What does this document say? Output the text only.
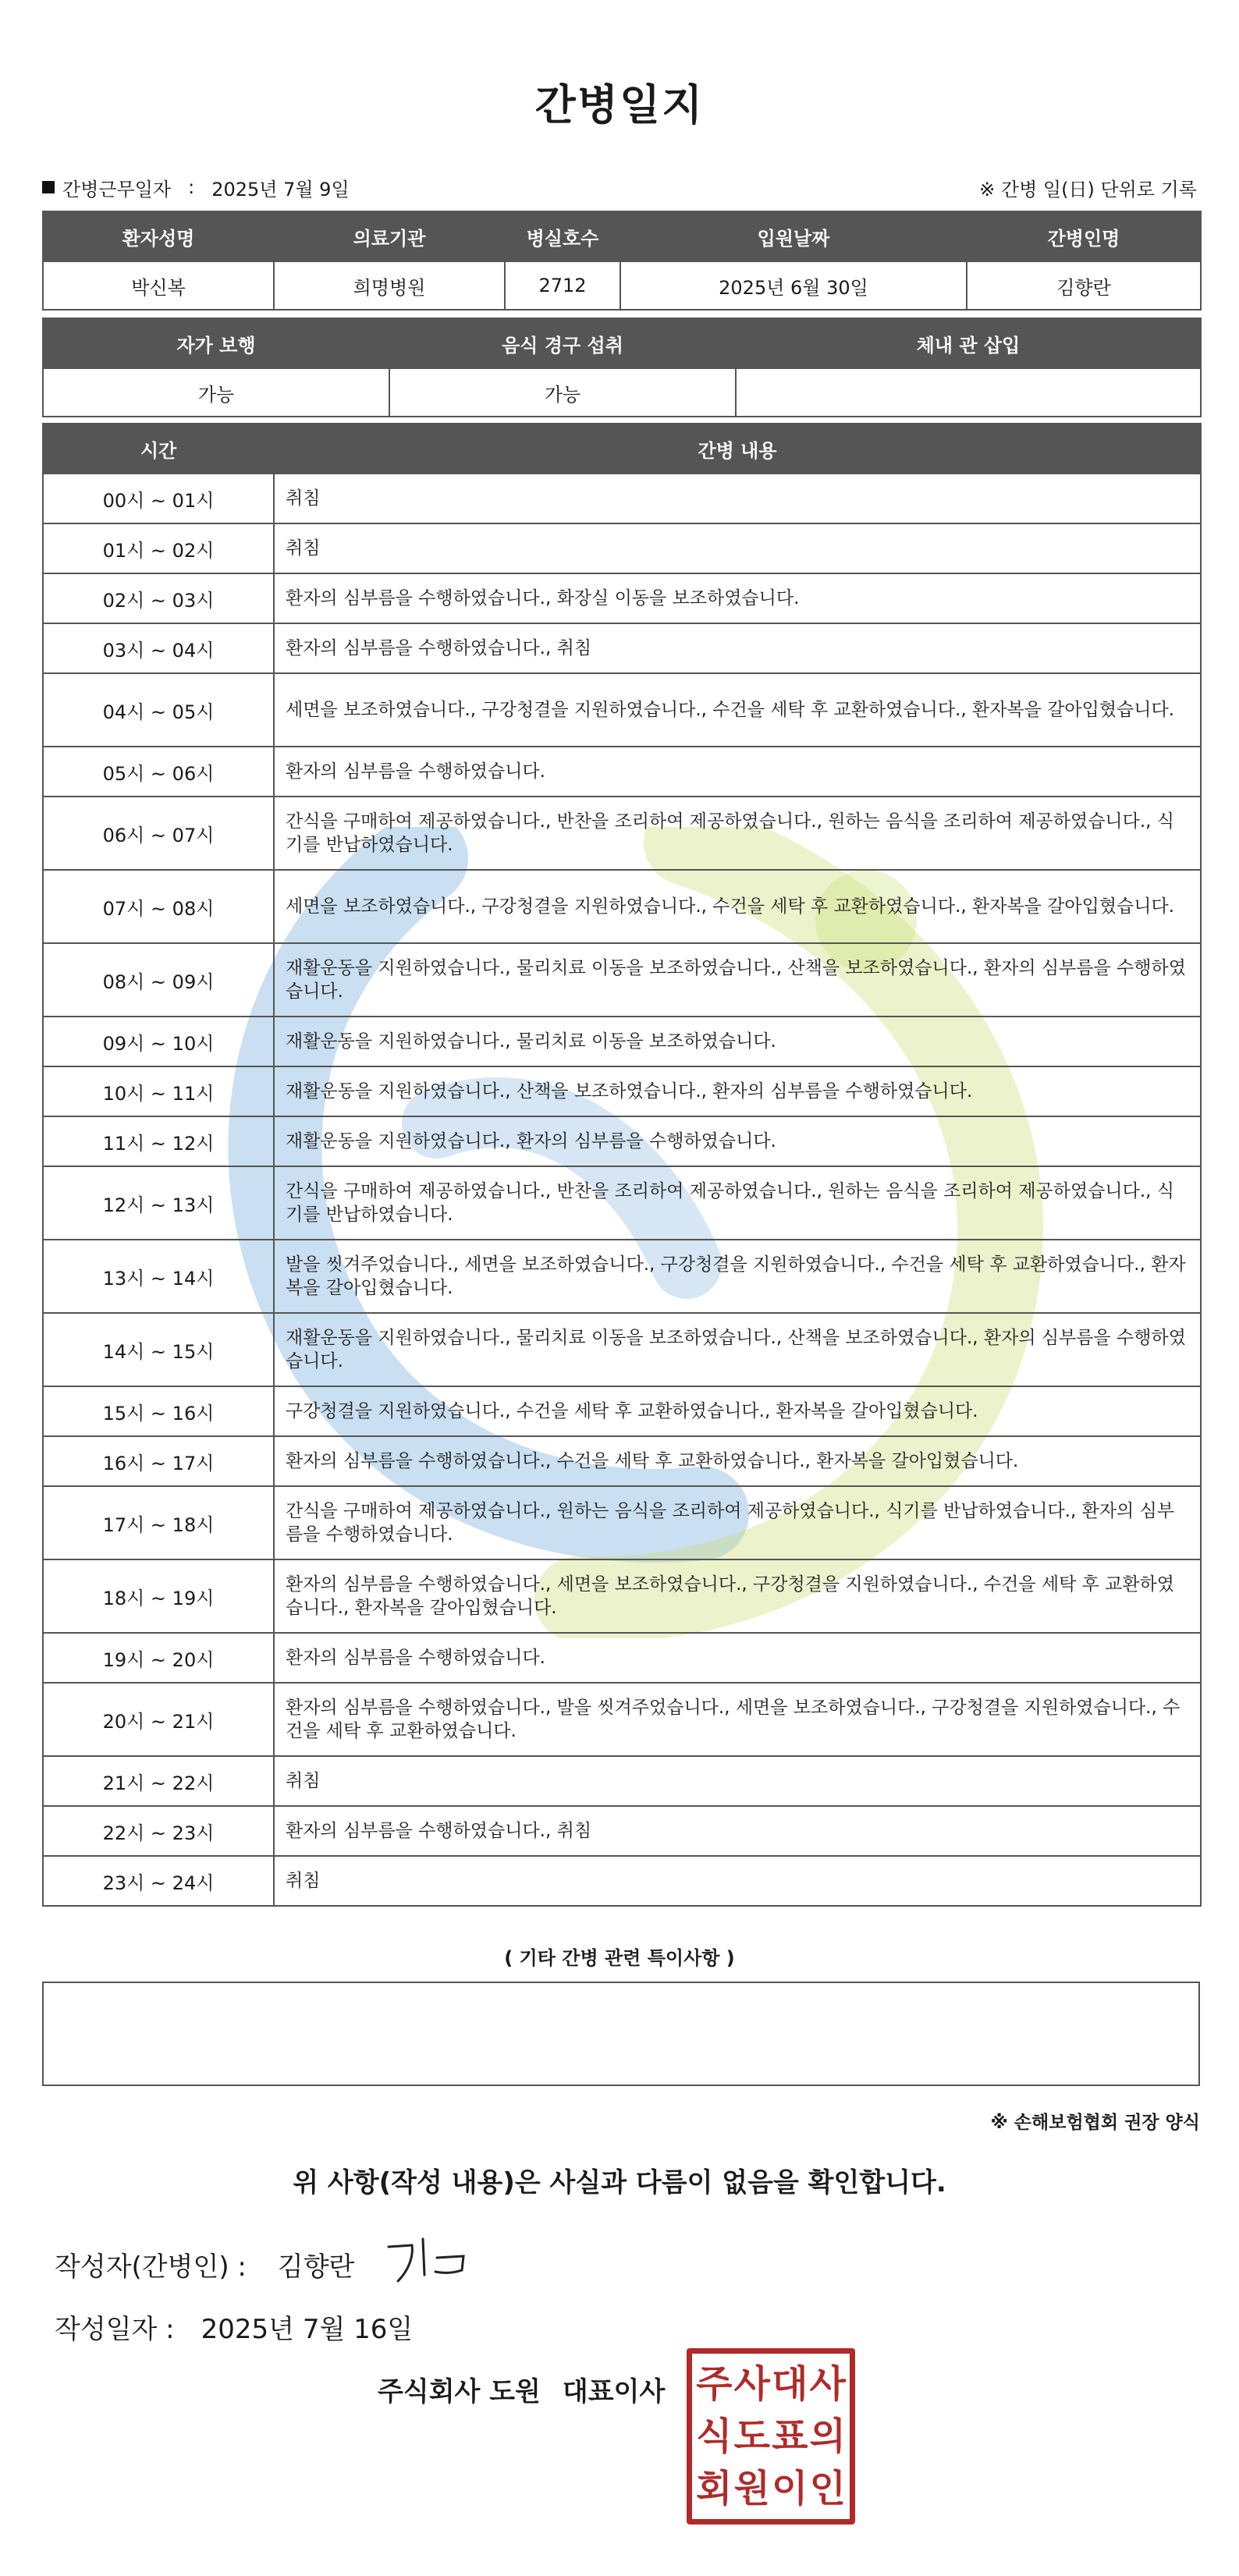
간병일지
간병근무일자 : 2025년 7월 9일	※ 간병 일(日) 단위로 기록
환자성명	의료기관	병실호수	입원날짜	간병인명
박신복	희명병원	2712	2025년 6월 30일	김향란
자가 보행	음식 경구 섭취	체내 관 삽입
가능	가능	
시간	간병 내용
00시 ~ 01시	취침
01시 ~ 02시	취침
02시 ~ 03시	환자의 심부름을 수행하였습니다., 화장실 이동을 보조하였습니다.
03시 ~ 04시	환자의 심부름을 수행하였습니다., 취침
04시 ~ 05시	세면을 보조하였습니다., 구강청결을 지원하였습니다., 수건을 세탁 후 교환하였습니다., 환자복을 갈아입혔습니다.
05시 ~ 06시	환자의 심부름을 수행하였습니다.
06시 ~ 07시	간식을 구매하여 제공하였습니다., 반찬을 조리하여 제공하였습니다., 원하는 음식을 조리하여 제공하였습니다., 식기를 반납하였습니다.
07시 ~ 08시	세면을 보조하였습니다., 구강청결을 지원하였습니다., 수건을 세탁 후 교환하였습니다., 환자복을 갈아입혔습니다.
08시 ~ 09시	재활운동을 지원하였습니다., 물리치료 이동을 보조하였습니다., 산책을 보조하였습니다., 환자의 심부름을 수행하였습니다.
09시 ~ 10시	재활운동을 지원하였습니다., 물리치료 이동을 보조하였습니다.
10시 ~ 11시	재활운동을 지원하였습니다., 산책을 보조하였습니다., 환자의 심부름을 수행하였습니다.
11시 ~ 12시	재활운동을 지원하였습니다., 환자의 심부름을 수행하였습니다.
12시 ~ 13시	간식을 구매하여 제공하였습니다., 반찬을 조리하여 제공하였습니다., 원하는 음식을 조리하여 제공하였습니다., 식기를 반납하였습니다.
13시 ~ 14시	발을 씻겨주었습니다., 세면을 보조하였습니다., 구강청결을 지원하였습니다., 수건을 세탁 후 교환하였습니다., 환자복을 갈아입혔습니다.
14시 ~ 15시	재활운동을 지원하였습니다., 물리치료 이동을 보조하였습니다., 산책을 보조하였습니다., 환자의 심부름을 수행하였습니다.
15시 ~ 16시	구강청결을 지원하였습니다., 수건을 세탁 후 교환하였습니다., 환자복을 갈아입혔습니다.
16시 ~ 17시	환자의 심부름을 수행하였습니다., 수건을 세탁 후 교환하였습니다., 환자복을 갈아입혔습니다.
17시 ~ 18시	간식을 구매하여 제공하였습니다., 원하는 음식을 조리하여 제공하였습니다., 식기를 반납하였습니다., 환자의 심부름을 수행하였습니다.
18시 ~ 19시	환자의 심부름을 수행하였습니다., 세면을 보조하였습니다., 구강청결을 지원하였습니다., 수건을 세탁 후 교환하였습니다., 환자복을 갈아입혔습니다.
19시 ~ 20시	환자의 심부름을 수행하였습니다.
20시 ~ 21시	환자의 심부름을 수행하였습니다., 발을 씻겨주었습니다., 세면을 보조하였습니다., 구강청결을 지원하였습니다., 수건을 세탁 후 교환하였습니다.
21시 ~ 22시	취침
22시 ~ 23시	환자의 심부름을 수행하였습니다., 취침
23시 ~ 24시	취침
( 기타 간병 관련 특이사항 )
※ 손해보험협회 권장 양식
위 사항(작성 내용)은 사실과 다름이 없음을 확인합니다.
작성자(간병인) : 김향란
작성일자 : 2025년 7월 16일
주식회사 도원 대표이사 주 사 대 사
식 도 표 의
회 원 이 인
